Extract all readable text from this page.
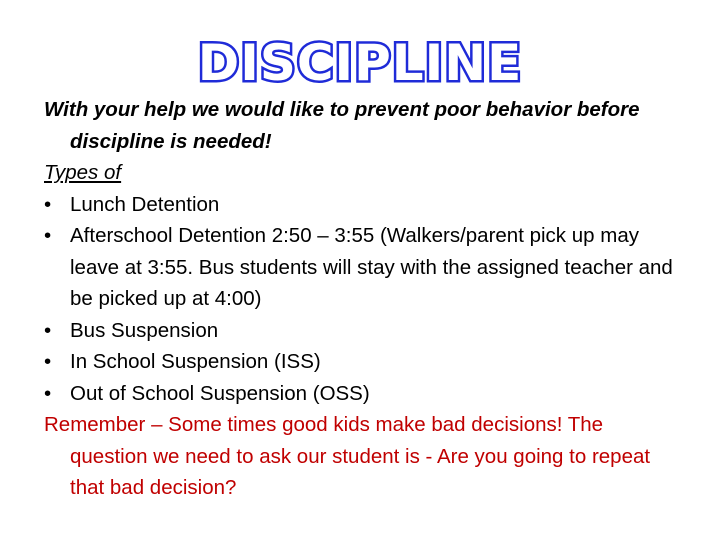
DISCIPLINE

With your help we would like to prevent poor behavior before discipline is needed!

Types of

• Lunch Detention

• Afterschool Detention 2:50 – 3:55 (Walkers/parent pick up may leave at 3:55. Bus students will stay with the assigned teacher and be picked up at 4:00)

• Bus Suspension

• In School Suspension (ISS)

• Out of School Suspension (OSS)

Remember – Some times good kids make bad decisions! The question we need to ask our student is - Are you going to repeat that bad decision?
